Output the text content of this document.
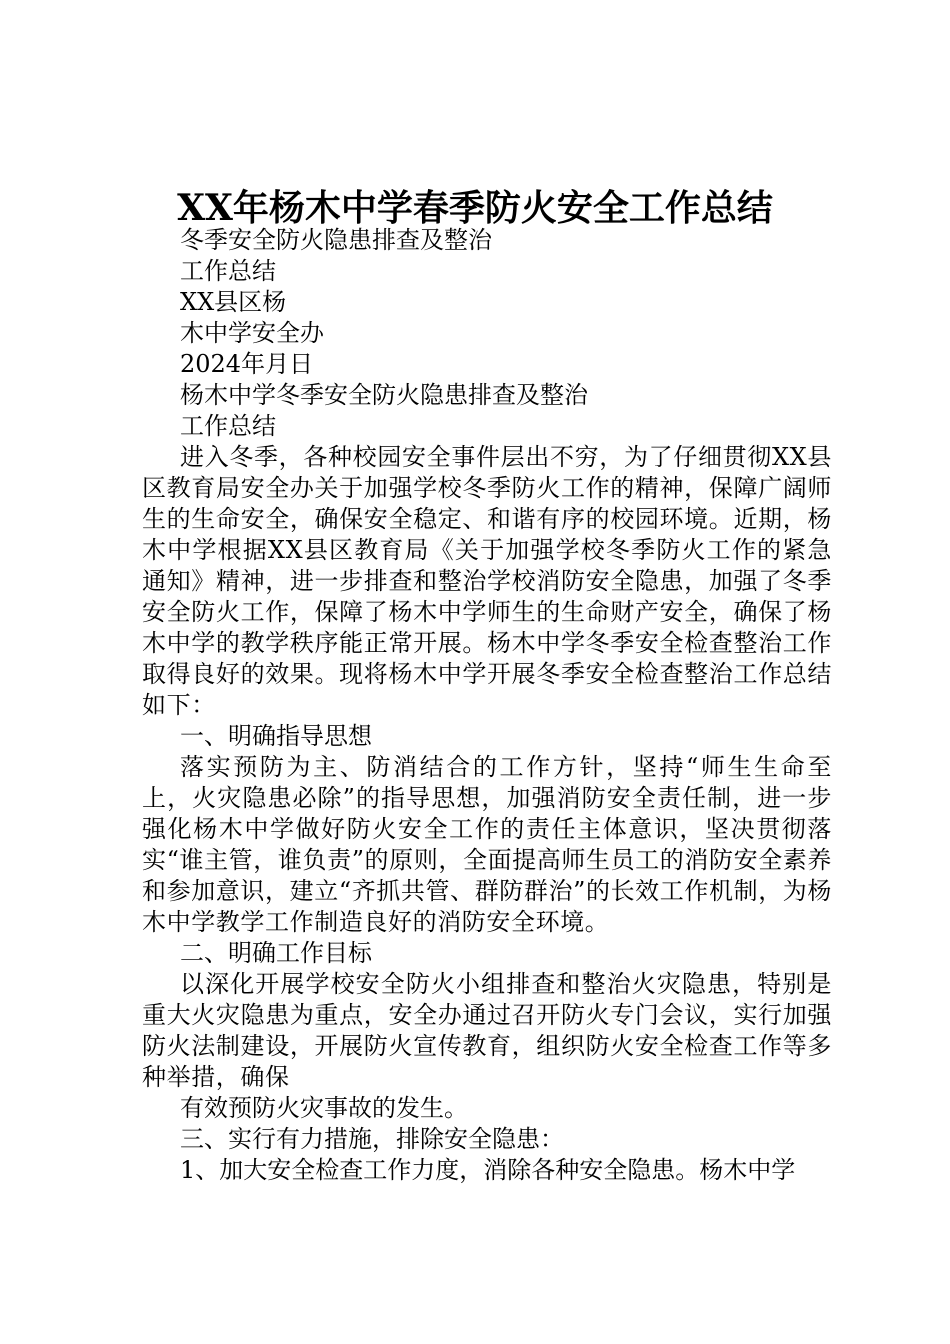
XX年杨木中学春季防火安全工作总结
冬季安全防火隐患排查及整治
工作总结
XX县区杨
木中学安全办
2024年月日
杨木中学冬季安全防火隐患排查及整治
工作总结

进入冬季，各种校园安全事件层出不穷，为了仔细贯彻XX县区教育局安全办关于加强学校冬季防火工作的精神，保障广阔师生的生命安全，确保安全稳定、和谐有序的校园环境。近期，杨木中学根据XX县区教育局《关于加强学校冬季防火工作的紧急通知》精神，进一步排查和整治学校消防安全隐患，加强了冬季安全防火工作，保障了杨木中学师生的生命财产安全，确保了杨木中学的教学秩序能正常开展。杨木中学冬季安全检查整治工作取得良好的效果。现将杨木中学开展冬季安全检查整治工作总结如下：

一、明确指导思想

落实预防为主、防消结合的工作方针，坚持“师生生命至上，火灾隐患必除”的指导思想，加强消防安全责任制，进一步强化杨木中学做好防火安全工作的责任主体意识，坚决贯彻落实“谁主管，谁负责”的原则，全面提高师生员工的消防安全素养和参加意识，建立“齐抓共管、群防群治”的长效工作机制，为杨木中学教学工作制造良好的消防安全环境。

二、明确工作目标

以深化开展学校安全防火小组排查和整治火灾隐患，特别是重大火灾隐患为重点，安全办通过召开防火专门会议，实行加强防火法制建设，开展防火宣传教育，组织防火安全检查工作等多种举措，确保

有效预防火灾事故的发生。
三、实行有力措施，排除安全隐患：
1、加大安全检查工作力度，消除各种安全隐患。杨木中学
